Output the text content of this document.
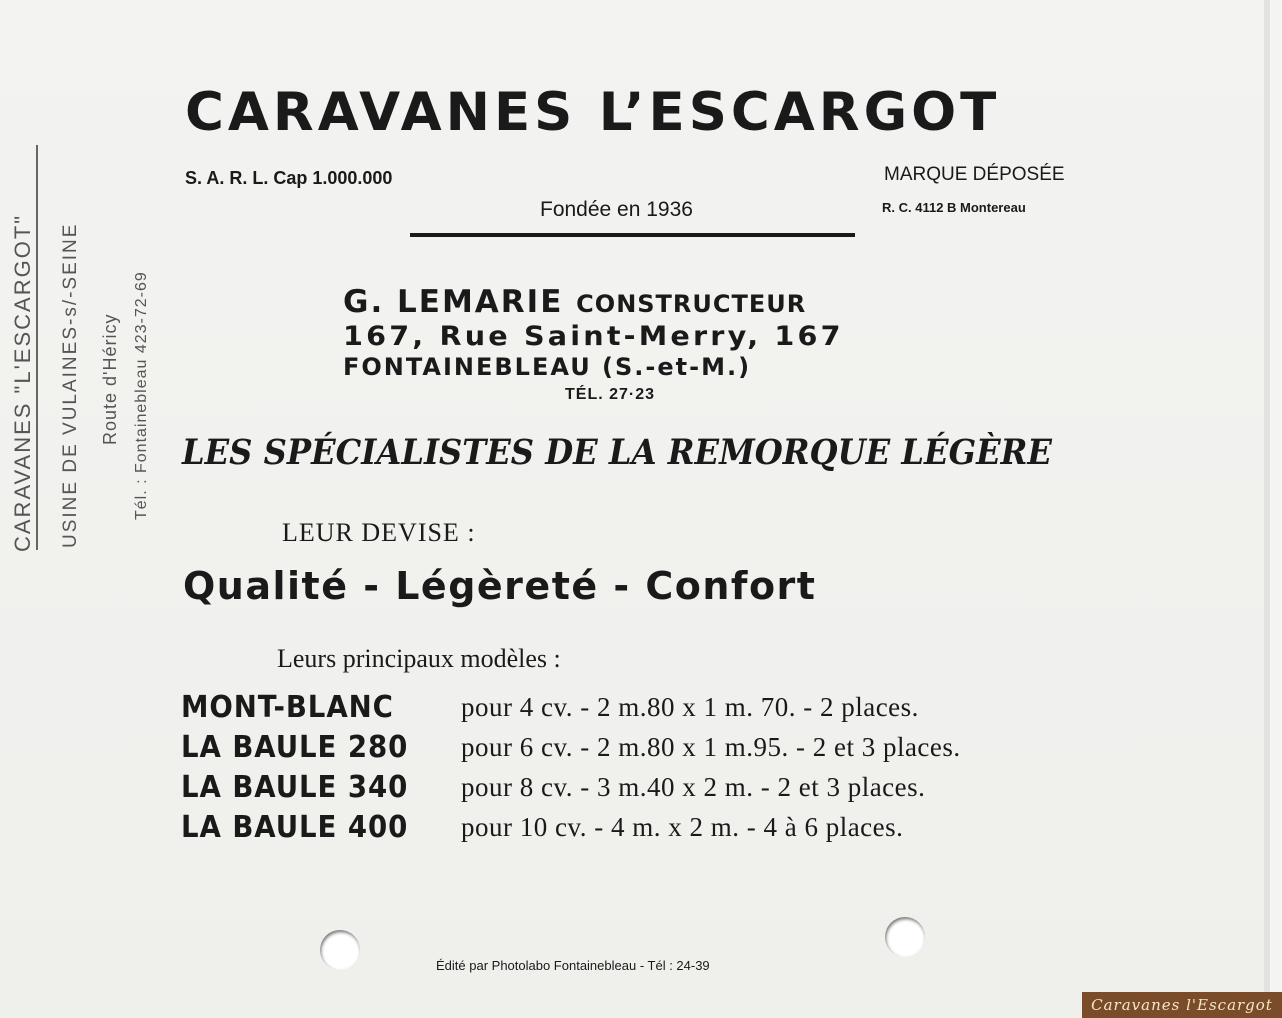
CARAVANES L’ESCARGOT
S. A. R. L. Cap 1.000.000
Fondée en 1936
MARQUE DÉPOSÉE
R. C. 4112 B Montereau
G. LEMARIE CONSTRUCTEUR
167, Rue Saint-Merry, 167
FONTAINEBLEAU (S.-et-M.)
TÉL. 27·23
LES SPÉCIALISTES DE LA REMORQUE LÉGÈRE
LEUR DEVISE :
Qualité - Légèreté - Confort
Leurs principaux modèles :
MONT-BLANC pour 4 cv. - 2 m.80 x 1 m. 70. - 2 places.
LA BAULE 280 pour 6 cv. - 2 m.80 x 1 m.95. - 2 et 3 places.
LA BAULE 340 pour 8 cv. - 3 m.40 x 2 m. - 2 et 3 places.
LA BAULE 400 pour 10 cv. - 4 m. x 2 m. - 4 à 6 places.
Édité par Photolabo Fontainebleau - Tél : 24-39
CARAVANES "L'ESCARGOT" USINE DE VULAINES-s/-SEINE Route d'Héricy Tél. : Fontainebleau 423-72-69
Caravanes l'Escargot
